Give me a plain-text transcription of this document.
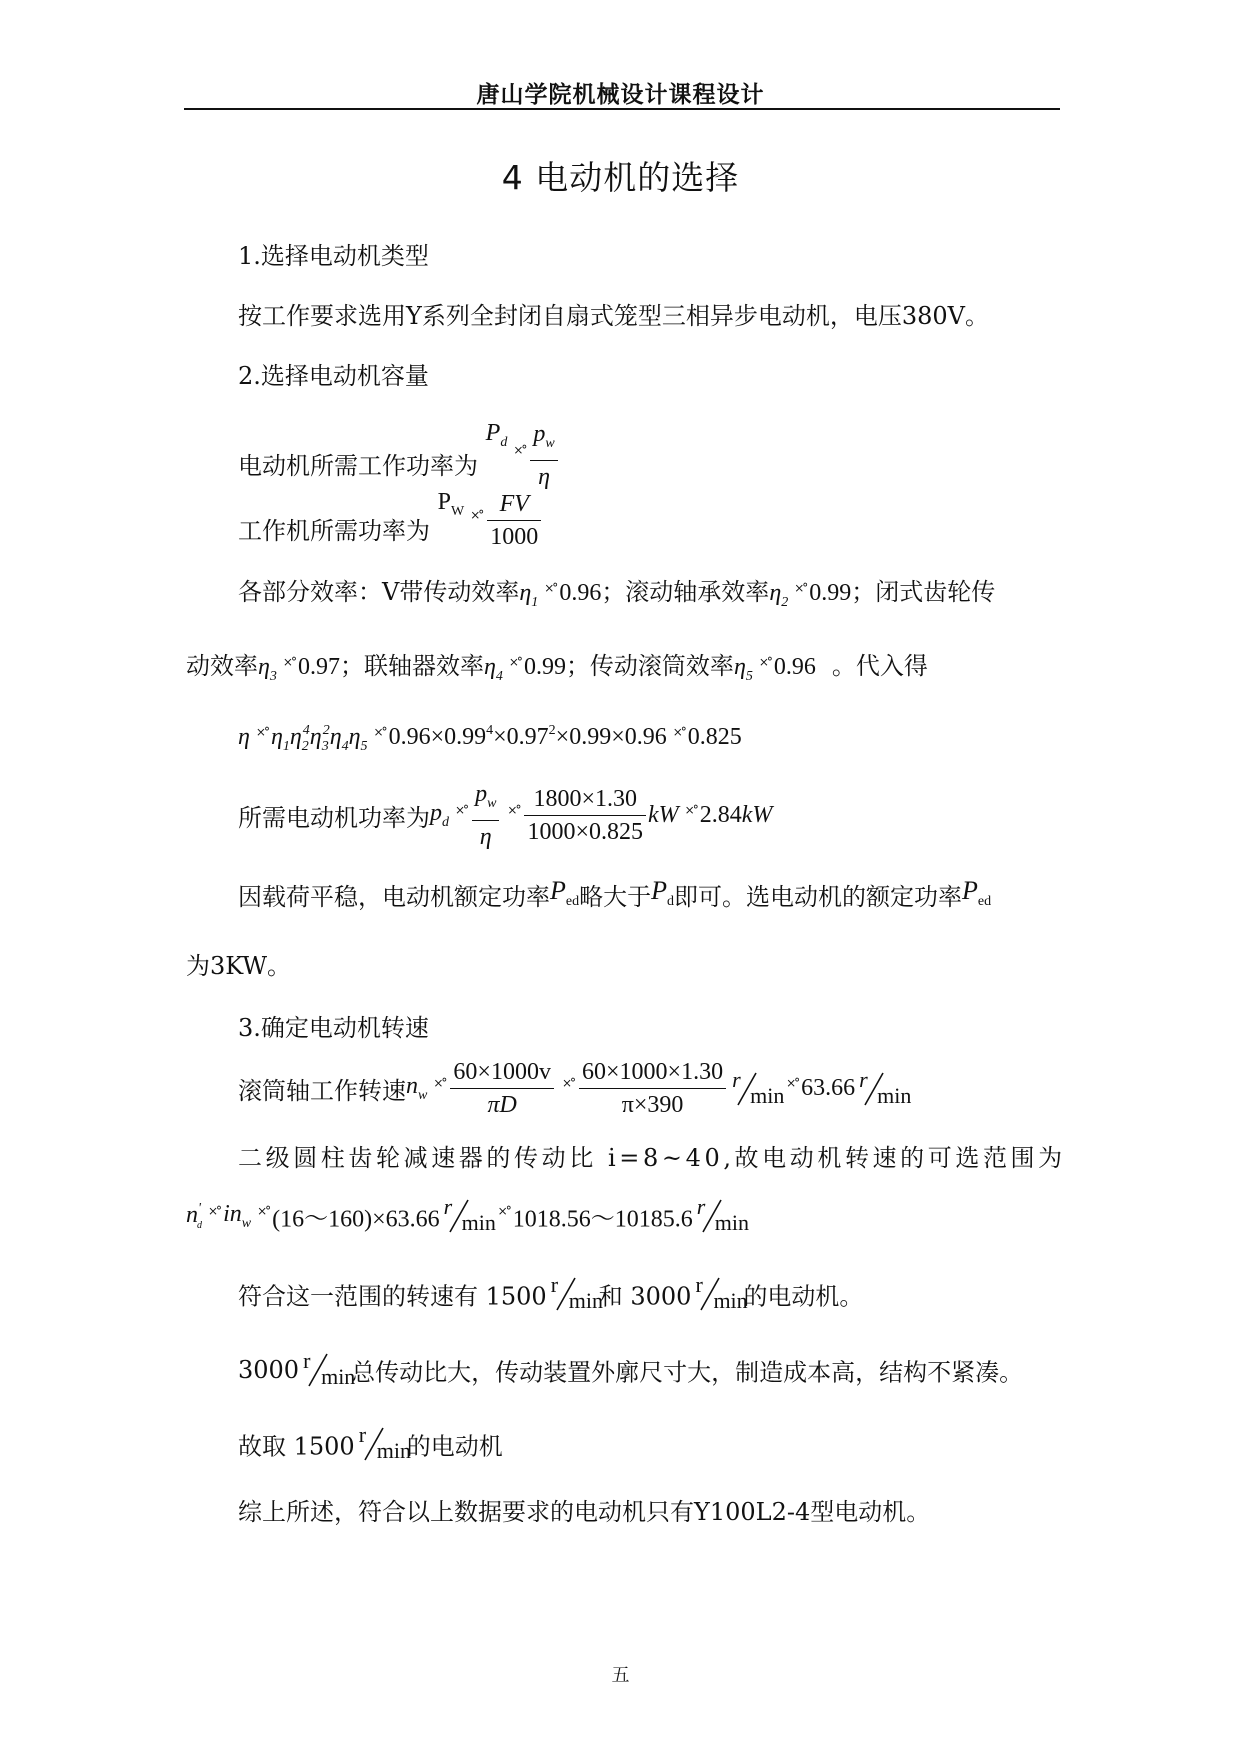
唐山学院机械设计课程设计
4 电动机的选择
1.选择电动机类型
按工作要求选用Y系列全封闭自扇式笼型三相异步电动机，电压380V。
2.选择电动机容量
电动机所需工作功率为 $P_d$ $^{\times^\circ} \frac{p_w}{\eta}$
工作机所需功率为 $P_W$ $^{\times^\circ} \frac{FV}{1000}$
各部分效率：V带传动效率$\eta_1^{\times^\circ}$ 0.96；滚动轴承效率$\eta_2^{\times^\circ}$ 0.99；闭式齿轮传
动效率$\eta_3^{\times^\circ}$ 0.97；联轴器效率$\eta_4^{\times^\circ}$ 0.99；传动滚筒效率$\eta_5^{\times^\circ}$ 0.96 。代入得
η ×° $\eta_1\eta_2^4\eta_3^2\eta_4\eta_5^{\times^\circ}$ $0.96\times 0.99^4\times 0.97^2\times 0.99\times 0.96$ ×° 0.825
所需电动机功率为$p_d^{\times^\circ} \frac{p_w}{\eta} ^{\times^\circ} \frac{1800\times 1.30}{1000\times 0.825}$ kW ×° 2.84kW
因载荷平稳，电动机额定功率Ped略大于Pd即可。选电动机的额定功率Ped
为3KW。
3.确定电动机转速
滚筒轴工作转速$n_w^{\times^\circ} \frac{60\times 1000v}{\pi D} ^{\times^\circ} \frac{60\times 1000\times 1.30}{\pi\times 390}$ r
min ×° 63.66 r
min
二级圆柱齿轮减速器的传动比 i=8~40,故电动机转速的可选范围为
$n'_d^{\times^\circ}$ $in_w^{\times^\circ}$ (16～160)×63.66 r
min ×° 1018.56～10185.6 r
min
符合这一范围的转速有 1500 r
min
和 3000 r
min
的电动机。
3000 r
min
总传动比大，传动装置外廓尺寸大，制造成本高，结构不紧凑。
故取 1500 r
min
的电动机
综上所述，符合以上数据要求的电动机只有Y100L2-4型电动机。
五
